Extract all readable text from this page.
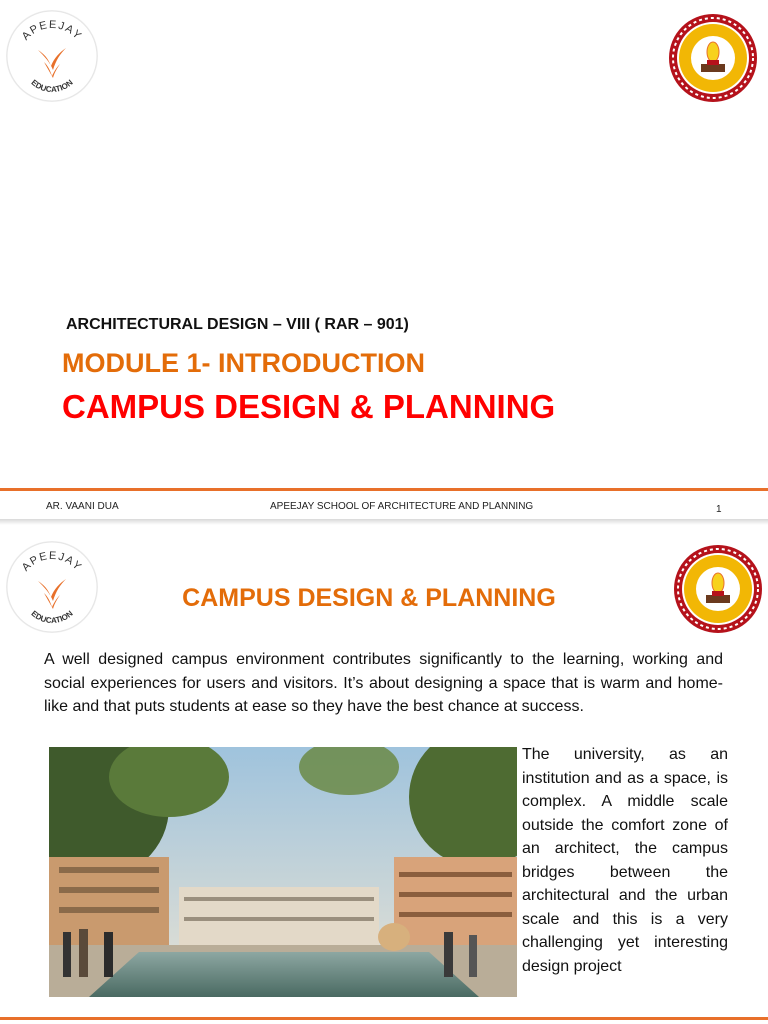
APEEJAY
EDUCATION
ARCHITECTURAL DESIGN – VIII ( RAR – 901)
MODULE 1- INTRODUCTION
CAMPUS DESIGN & PLANNING
AR. VAANI DUA	APEEJAY SCHOOL OF ARCHITECTURE AND PLANNING	1
APEEJAY
EDUCATION
CAMPUS DESIGN & PLANNING
A well designed campus environment contributes significantly to the learning, working and social experiences for users and visitors. It’s about designing a space that is warm and home-like and that puts students at ease so they have the best chance at success.
The university, as an institution and as a space, is complex. A middle scale outside the comfort zone of an architect, the campus bridges between the architectural and the urban scale and this is a very challenging yet interesting design project
